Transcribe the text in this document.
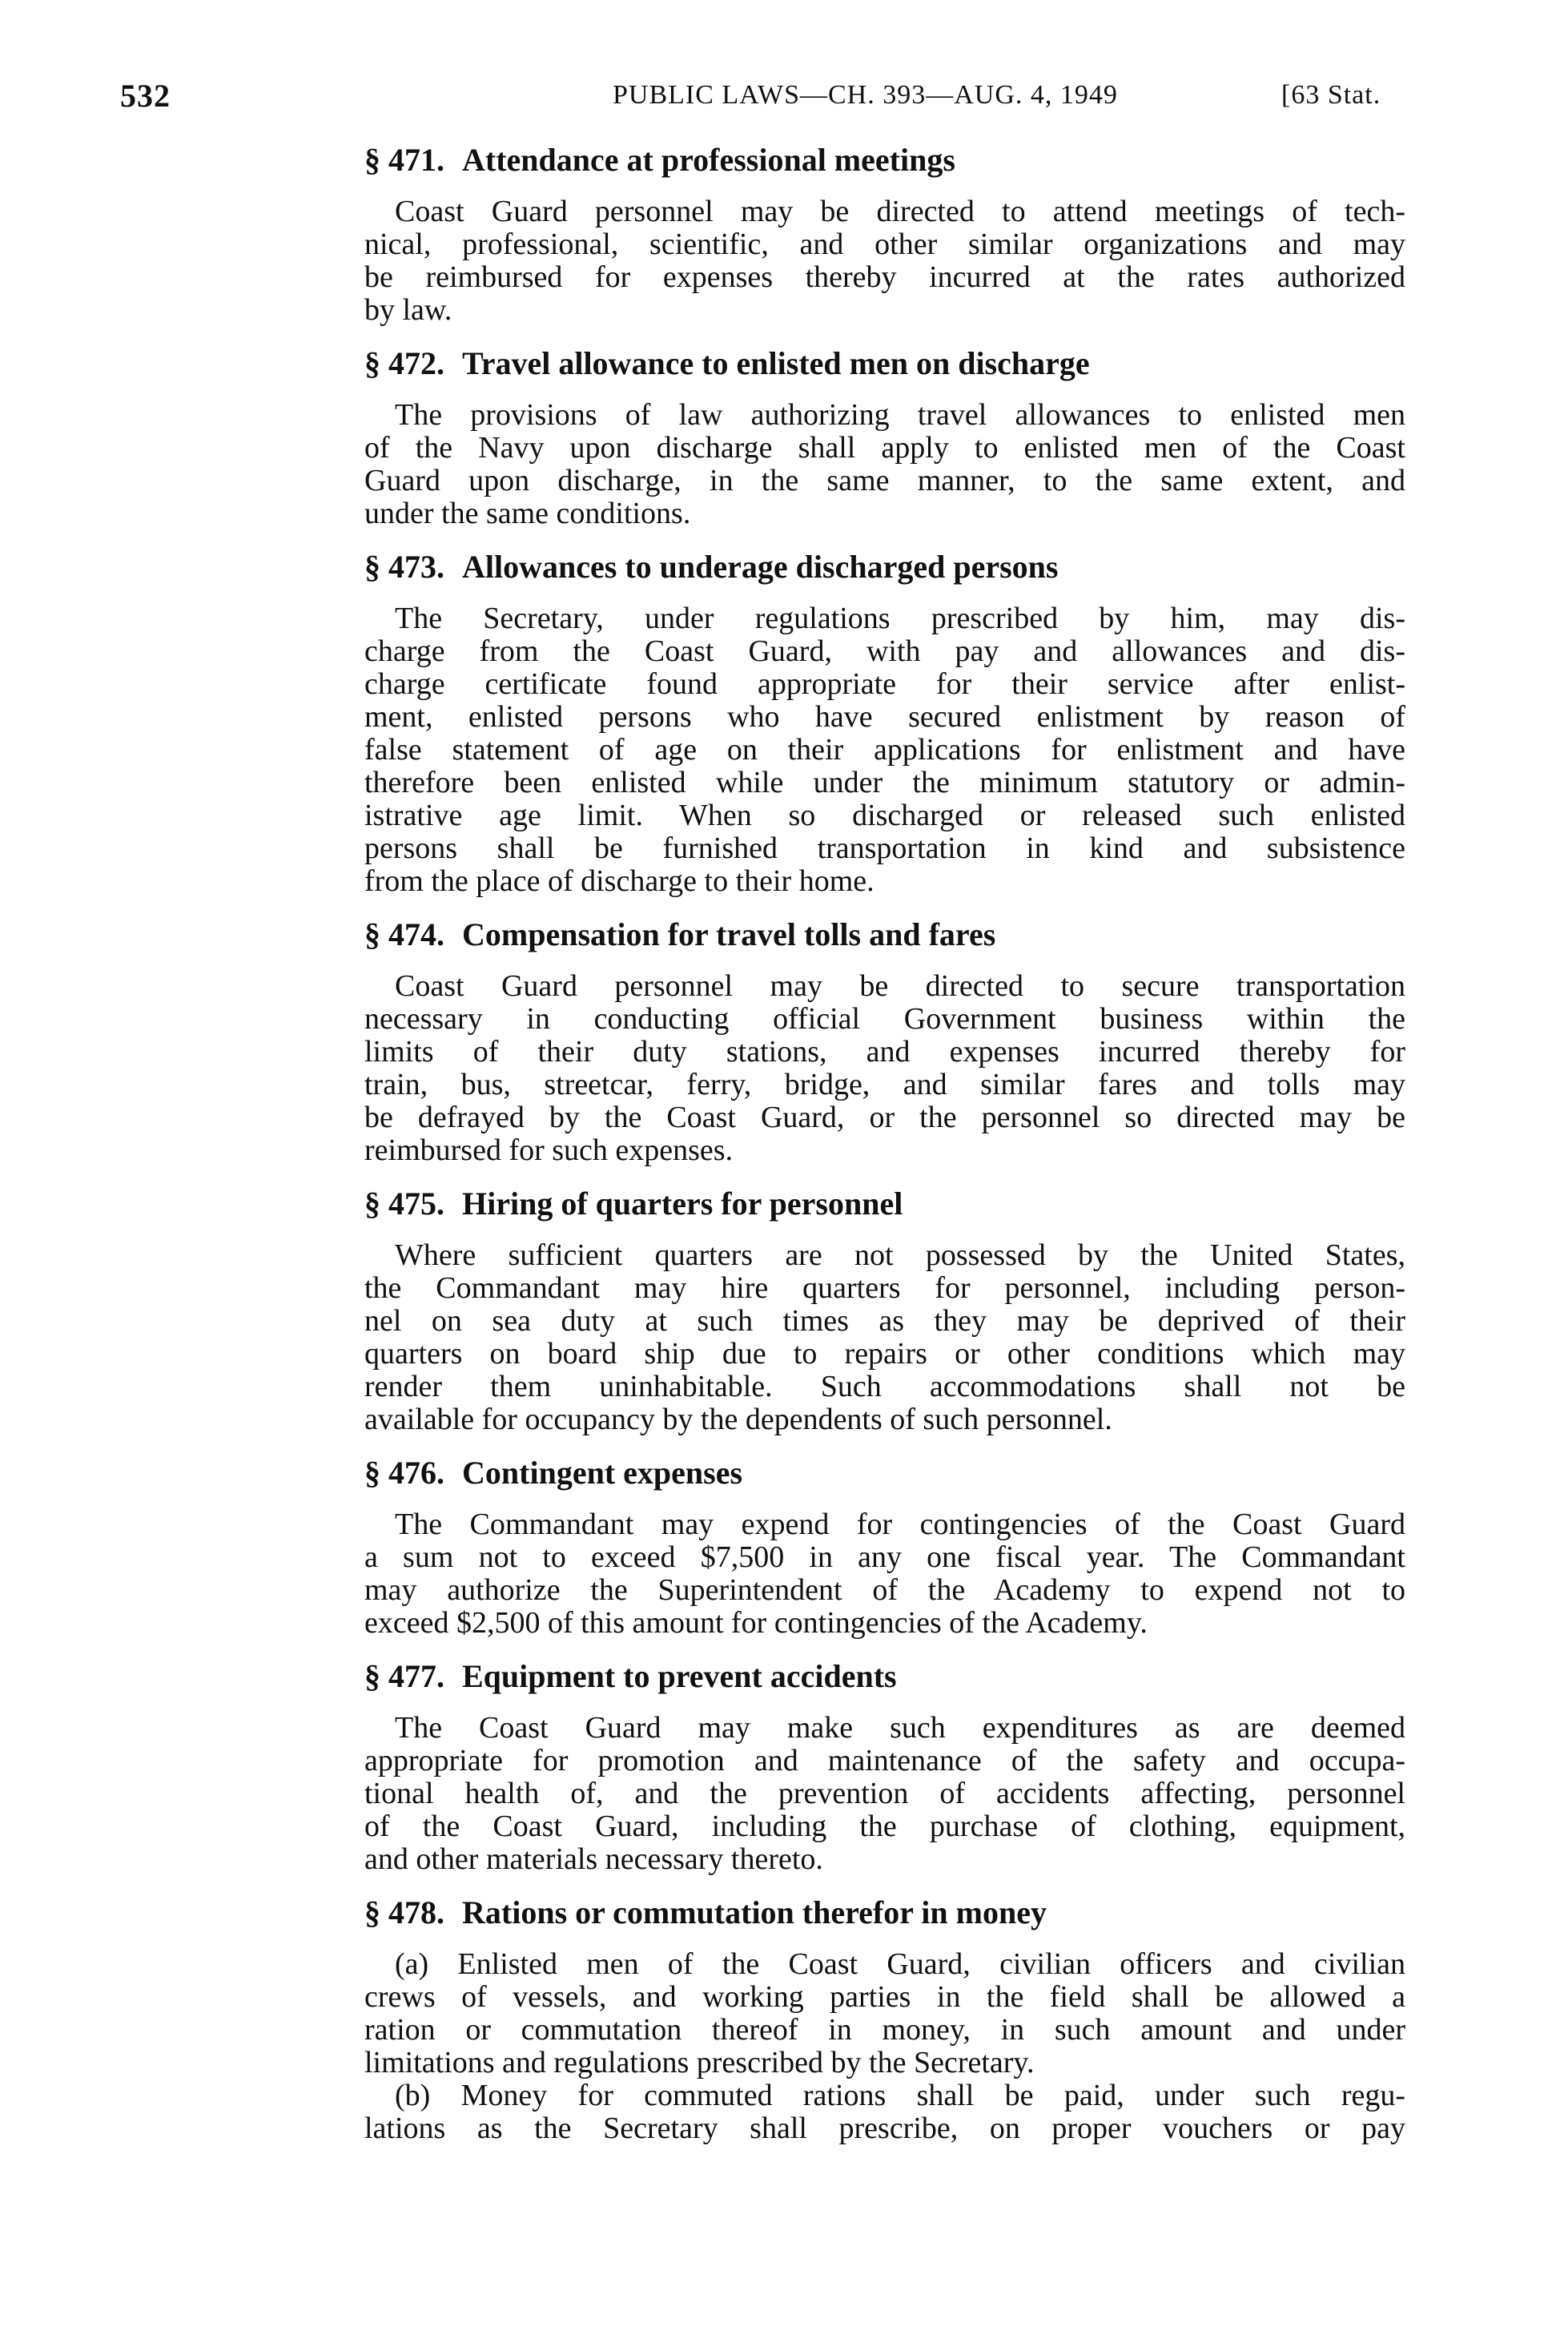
532	PUBLIC LAWS—CH. 393—AUG. 4, 1949	[63 Stat.
§ 471. Attendance at professional meetings
Coast Guard personnel may be directed to attend meetings of tech-
nical, professional, scientific, and other similar organizations and may
be reimbursed for expenses thereby incurred at the rates authorized
by law.
§ 472. Travel allowance to enlisted men on discharge
The provisions of law authorizing travel allowances to enlisted men
of the Navy upon discharge shall apply to enlisted men of the Coast
Guard upon discharge, in the same manner, to the same extent, and
under the same conditions.
§ 473. Allowances to underage discharged persons
The Secretary, under regulations prescribed by him, may dis-
charge from the Coast Guard, with pay and allowances and dis-
charge certificate found appropriate for their service after enlist-
ment, enlisted persons who have secured enlistment by reason of
false statement of age on their applications for enlistment and have
therefore been enlisted while under the minimum statutory or admin-
istrative age limit. When so discharged or released such enlisted
persons shall be furnished transportation in kind and subsistence
from the place of discharge to their home.
§ 474. Compensation for travel tolls and fares
Coast Guard personnel may be directed to secure transportation
necessary in conducting official Government business within the
limits of their duty stations, and expenses incurred thereby for
train, bus, streetcar, ferry, bridge, and similar fares and tolls may
be defrayed by the Coast Guard, or the personnel so directed may be
reimbursed for such expenses.
§ 475. Hiring of quarters for personnel
Where sufficient quarters are not possessed by the United States,
the Commandant may hire quarters for personnel, including person-
nel on sea duty at such times as they may be deprived of their
quarters on board ship due to repairs or other conditions which may
render them uninhabitable. Such accommodations shall not be
available for occupancy by the dependents of such personnel.
§ 476. Contingent expenses
The Commandant may expend for contingencies of the Coast Guard
a sum not to exceed $7,500 in any one fiscal year. The Commandant
may authorize the Superintendent of the Academy to expend not to
exceed $2,500 of this amount for contingencies of the Academy.
§ 477. Equipment to prevent accidents
The Coast Guard may make such expenditures as are deemed
appropriate for promotion and maintenance of the safety and occupa-
tional health of, and the prevention of accidents affecting, personnel
of the Coast Guard, including the purchase of clothing, equipment,
and other materials necessary thereto.
§ 478. Rations or commutation therefor in money
(a) Enlisted men of the Coast Guard, civilian officers and civilian
crews of vessels, and working parties in the field shall be allowed a
ration or commutation thereof in money, in such amount and under
limitations and regulations prescribed by the Secretary.
(b) Money for commuted rations shall be paid, under such regu-
lations as the Secretary shall prescribe, on proper vouchers or pay
